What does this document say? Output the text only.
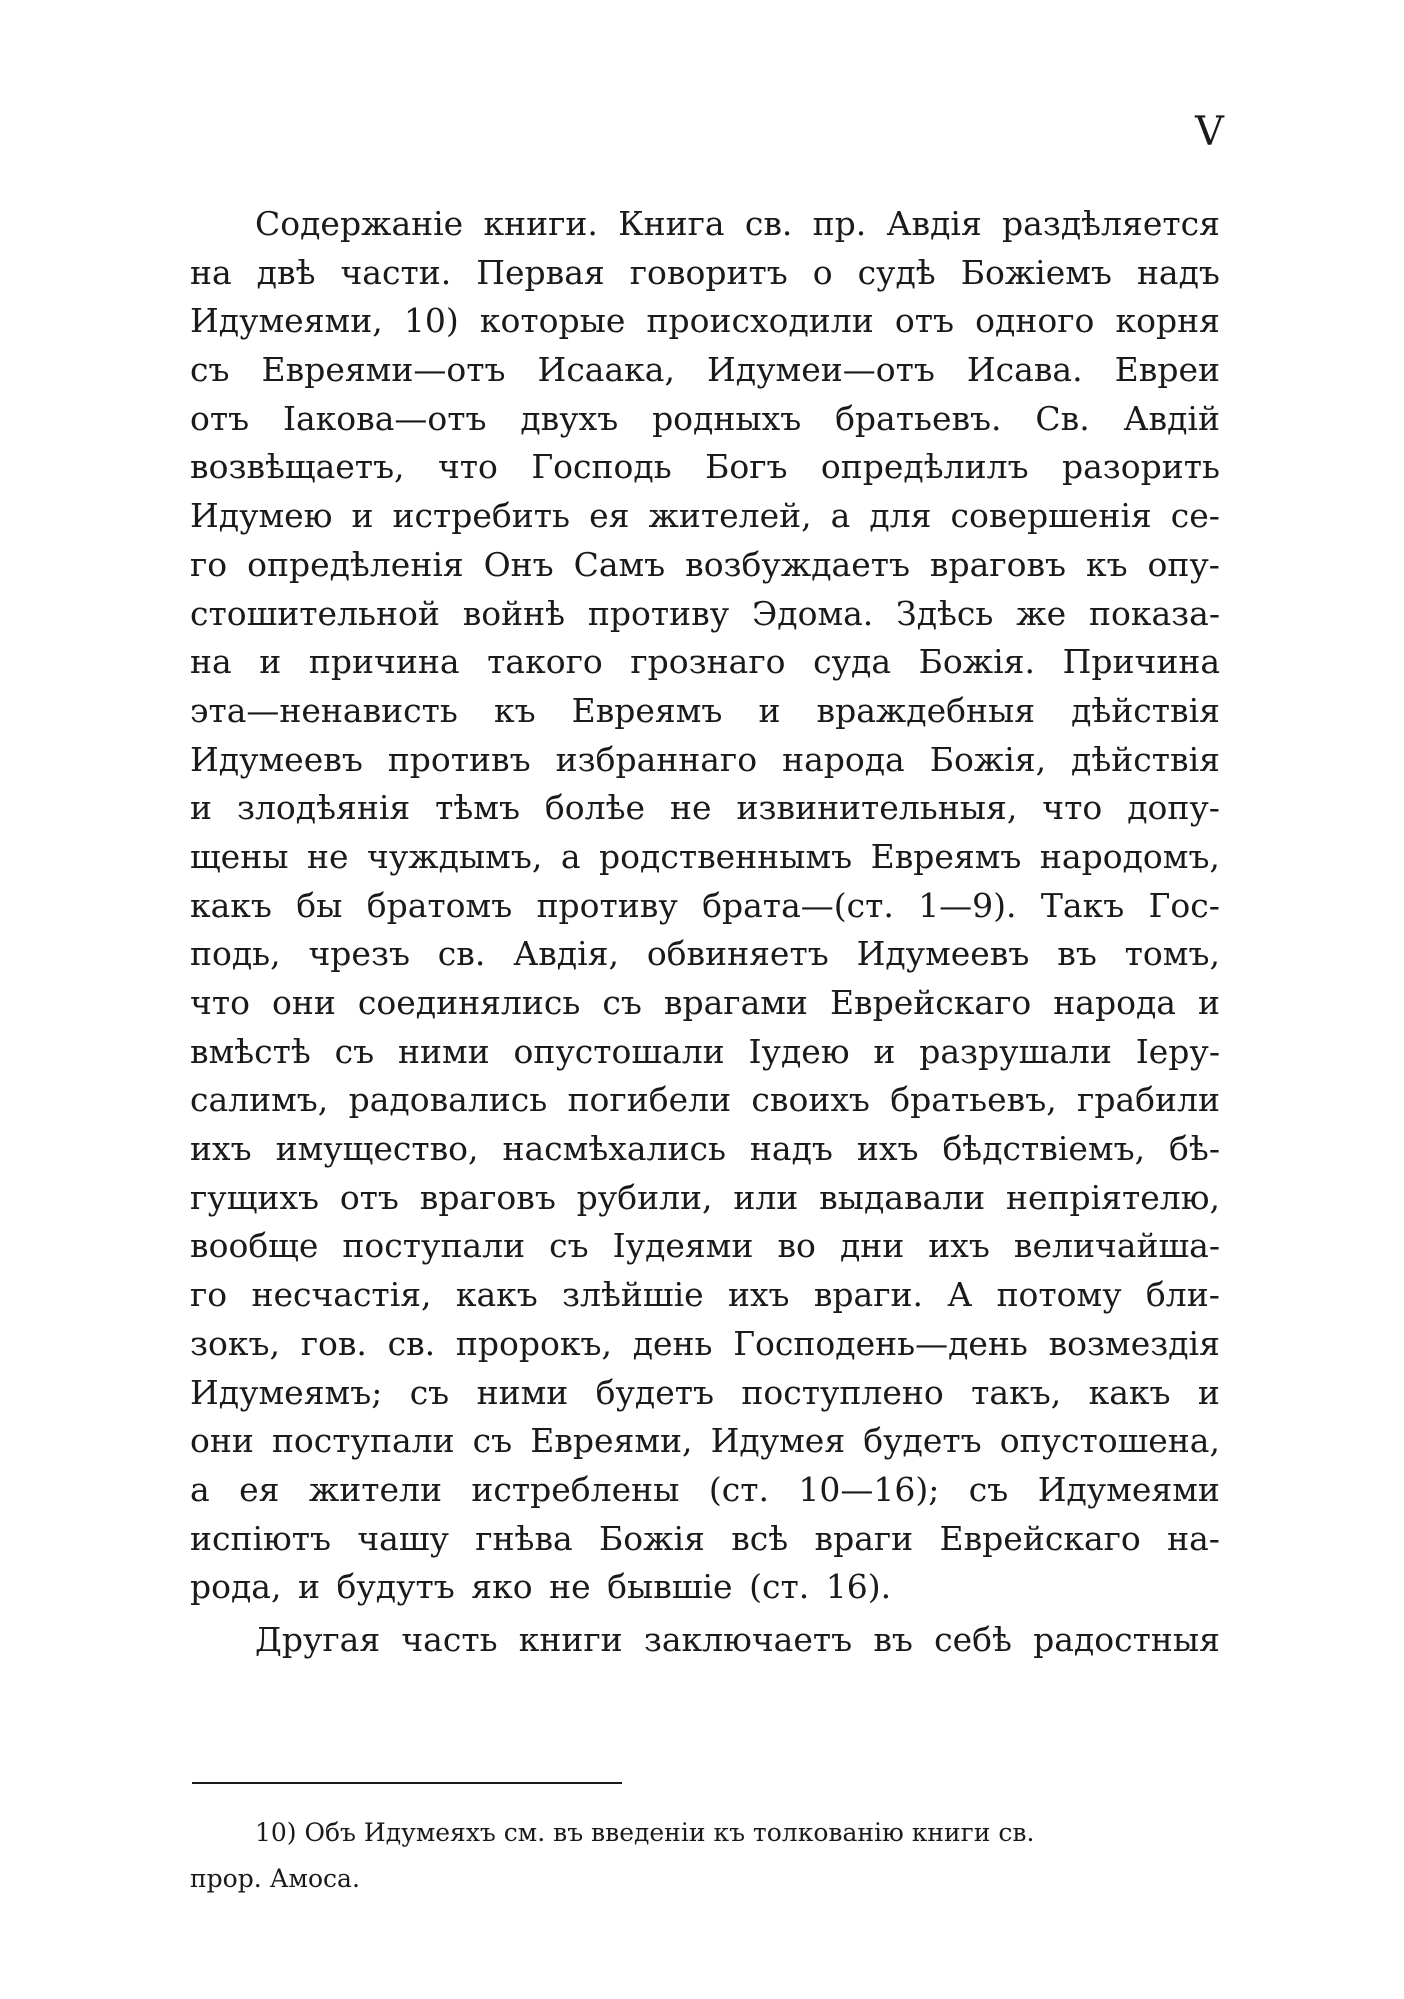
V
Содержаніе книги. Книга св. пр. Авдія раздѣляется
на двѣ части. Первая говоритъ о судѣ Божіемъ надъ
Идумеями, 10) которые происходили отъ одного корня
съ Евреями—отъ Исаака, Идумеи—отъ Исава. Евреи
отъ Іакова—отъ двухъ родныхъ братьевъ. Св. Авдій
возвѣщаетъ, что Господь Богъ опредѣлилъ разорить
Идумею и истребить ея жителей, а для совершенія се-
го опредѣленія Онъ Самъ возбуждаетъ враговъ къ опу-
стошительной войнѣ противу Эдома. Здѣсь же показа-
на и причина такого грознаго суда Божія. Причина
эта—ненависть къ Евреямъ и враждебныя дѣйствія
Идумеевъ противъ избраннаго народа Божія, дѣйствія
и злодѣянія тѣмъ болѣе не извинительныя, что допу-
щены не чуждымъ, а родственнымъ Евреямъ народомъ,
какъ бы братомъ противу брата—(ст. 1—9). Такъ Гос-
подь, чрезъ св. Авдія, обвиняетъ Идумеевъ въ томъ,
что они соединялись съ врагами Еврейскаго народа и
вмѣстѣ съ ними опустошали Іудею и разрушали Іеру-
салимъ, радовались погибели своихъ братьевъ, грабили
ихъ имущество, насмѣхались надъ ихъ бѣдствіемъ, бѣ-
гущихъ отъ враговъ рубили, или выдавали непріятелю,
вообще поступали съ Іудеями во дни ихъ величайша-
го несчастія, какъ злѣйшіе ихъ враги. А потому бли-
зокъ, гов. св. пророкъ, день Господень—день возмездія
Идумеямъ; съ ними будетъ поступлено такъ, какъ и
они поступали съ Евреями, Идумея будетъ опустошена,
а ея жители истреблены (ст. 10—16); съ Идумеями
испіютъ чашу гнѣва Божія всѣ враги Еврейскаго на-
рода, и будутъ яко не бывшіе (ст. 16).
Другая часть книги заключаетъ въ себѣ радостныя
10) Объ Идумеяхъ см. въ введеніи къ толкованію книги св.
прор. Амоса.
